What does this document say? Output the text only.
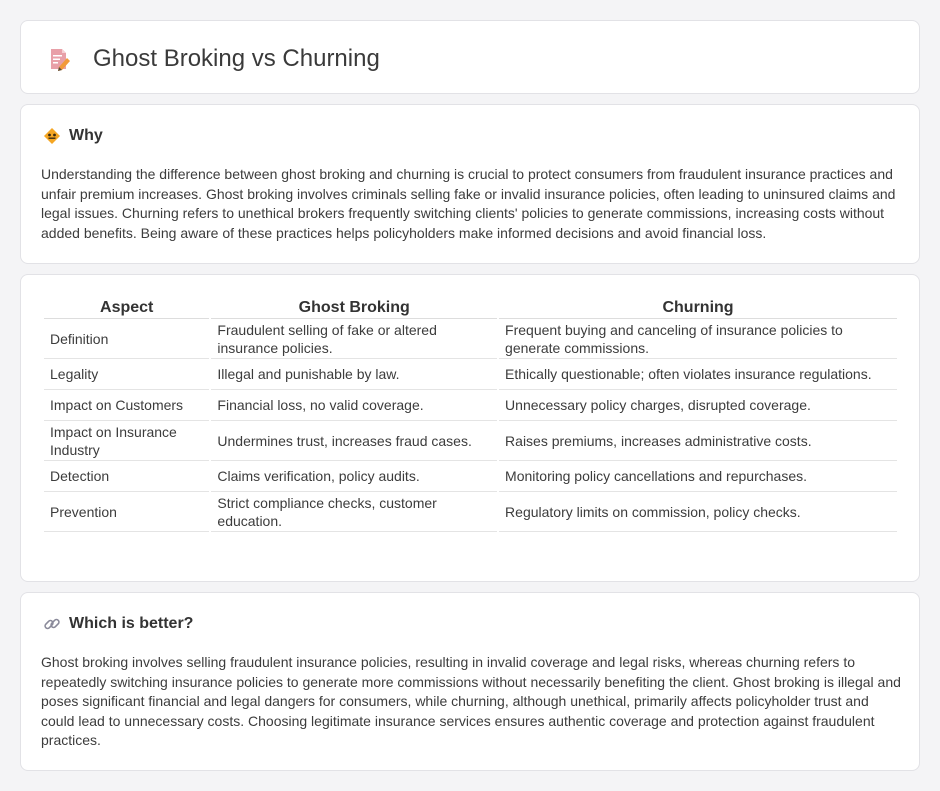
Ghost Broking vs Churning
Why

Understanding the difference between ghost broking and churning is crucial to protect consumers from fraudulent insurance practices and unfair premium increases. Ghost broking involves criminals selling fake or invalid insurance policies, often leading to uninsured claims and legal issues. Churning refers to unethical brokers frequently switching clients' policies to generate commissions, increasing costs without added benefits. Being aware of these practices helps policyholders make informed decisions and avoid financial loss.

Aspect	Ghost Broking	Churning
Definition	Fraudulent selling of fake or altered insurance policies.	Frequent buying and canceling of insurance policies to generate commissions.
Legality	Illegal and punishable by law.	Ethically questionable; often violates insurance regulations.
Impact on Customers	Financial loss, no valid coverage.	Unnecessary policy charges, disrupted coverage.
Impact on Insurance Industry	Undermines trust, increases fraud cases.	Raises premiums, increases administrative costs.
Detection	Claims verification, policy audits.	Monitoring policy cancellations and repurchases.
Prevention	Strict compliance checks, customer education.	Regulatory limits on commission, policy checks.
Which is better?

Ghost broking involves selling fraudulent insurance policies, resulting in invalid coverage and legal risks, whereas churning refers to repeatedly switching insurance policies to generate more commissions without necessarily benefiting the client. Ghost broking is illegal and poses significant financial and legal dangers for consumers, while churning, although unethical, primarily affects policyholder trust and could lead to unnecessary costs. Choosing legitimate insurance services ensures authentic coverage and protection against fraudulent practices.
